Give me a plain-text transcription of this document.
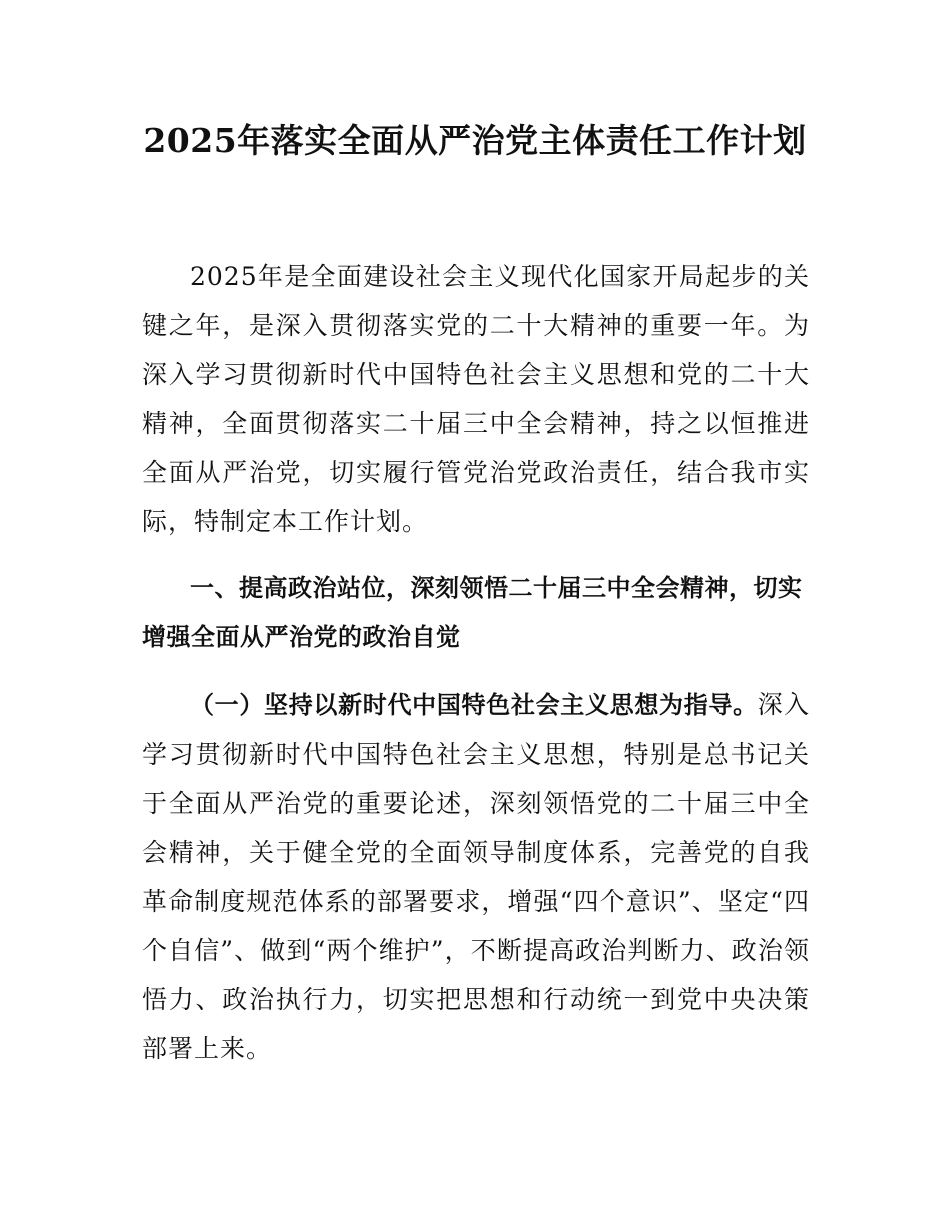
2025年落实全面从严治党主体责任工作计划

2025年是全面建设社会主义现代化国家开局起步的关键之年，是深入贯彻落实党的二十大精神的重要一年。为深入学习贯彻新时代中国特色社会主义思想和党的二十大精神，全面贯彻落实二十届三中全会精神，持之以恒推进全面从严治党，切实履行管党治党政治责任，结合我市实际，特制定本工作计划。

一、提高政治站位，深刻领悟二十届三中全会精神，切实增强全面从严治党的政治自觉

（一）坚持以新时代中国特色社会主义思想为指导。深入学习贯彻新时代中国特色社会主义思想，特别是总书记关于全面从严治党的重要论述，深刻领悟党的二十届三中全会精神，关于健全党的全面领导制度体系，完善党的自我革命制度规范体系的部署要求，增强“四个意识”、坚定“四个自信”、做到“两个维护”，不断提高政治判断力、政治领悟力、政治执行力，切实把思想和行动统一到党中央决策部署上来。
